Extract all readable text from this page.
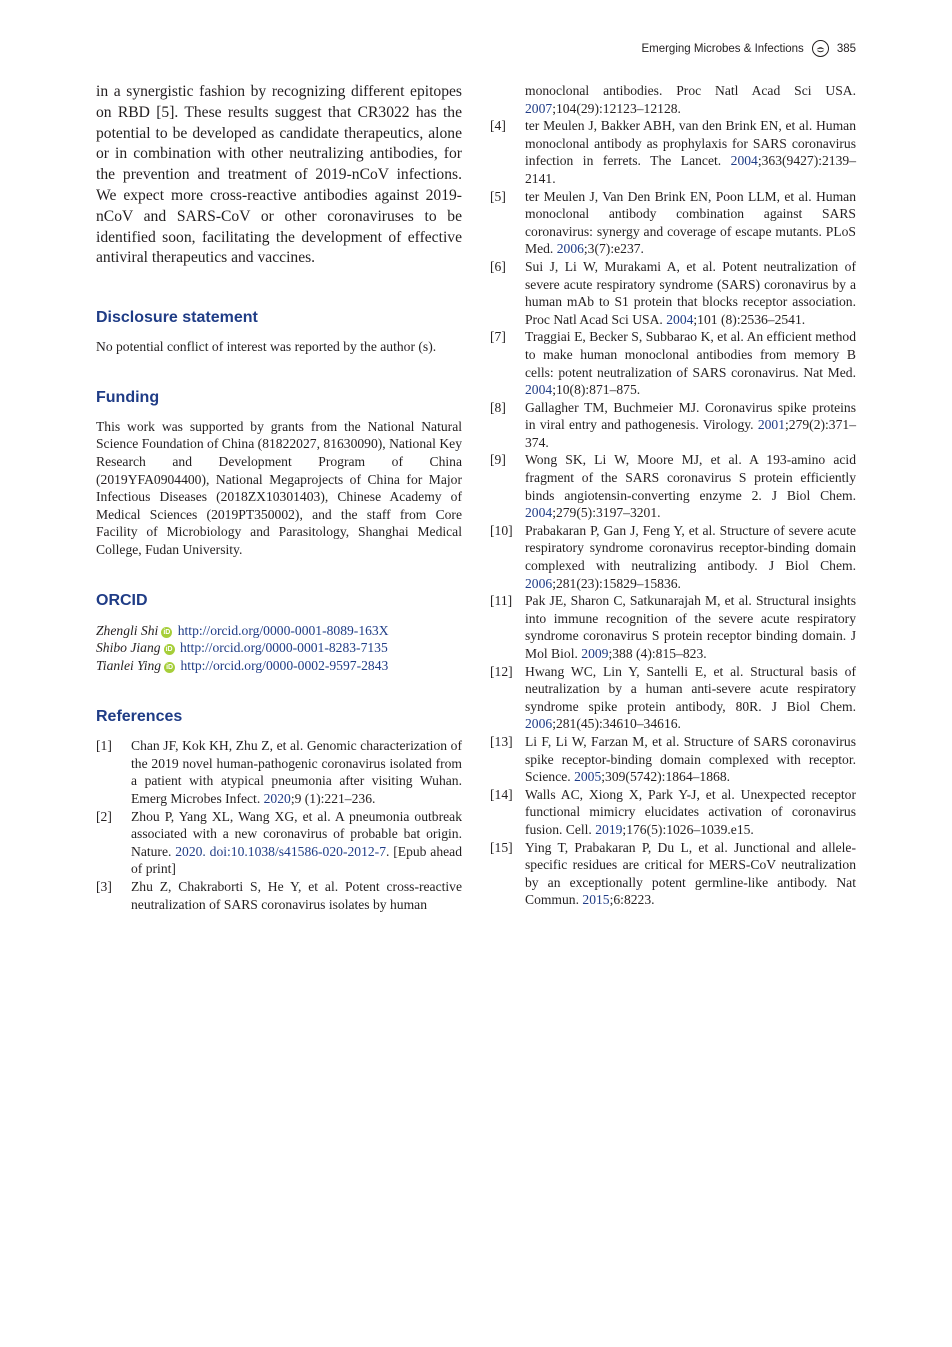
Emerging Microbes & Infections	385

in a synergistic fashion by recognizing different epitopes on RBD [5]. These results suggest that CR3022 has the potential to be developed as candidate therapeutics, alone or in combination with other neutralizing antibodies, for the prevention and treatment of 2019-nCoV infections. We expect more cross-reactive antibodies against 2019-nCoV and SARS-CoV or other coronaviruses to be identified soon, facilitating the development of effective antiviral therapeutics and vaccines.

Disclosure statement

No potential conflict of interest was reported by the author (s).

Funding

This work was supported by grants from the National Natural Science Foundation of China (81822027, 81630090), National Key Research and Development Program of China (2019YFA0904400), National Megaprojects of China for Major Infectious Diseases (2018ZX10301403), Chinese Academy of Medical Sciences (2019PT350002), and the staff from Core Facility of Microbiology and Parasitology, Shanghai Medical College, Fudan University.

ORCID
Zhengli Shi iD http://orcid.org/0000-0001-8089-163X
Shibo Jiang iD http://orcid.org/0000-0001-8283-7135
Tianlei Ying iD http://orcid.org/0000-0002-9597-2843
References
[1]	Chan JF, Kok KH, Zhu Z, et al. Genomic characterization of the 2019 novel human-pathogenic coronavirus isolated from a patient with atypical pneumonia after visiting Wuhan. Emerg Microbes Infect. 2020;9 (1):221–236.
[2]	Zhou P, Yang XL, Wang XG, et al. A pneumonia outbreak associated with a new coronavirus of probable bat origin. Nature. 2020. doi:10.1038/s41586-020-2012-7. [Epub ahead of print]
[3]	Zhu Z, Chakraborti S, He Y, et al. Potent cross-reactive neutralization of SARS coronavirus isolates by human
monoclonal antibodies. Proc Natl Acad Sci USA. 2007;104(29):12123–12128.
[4]	ter Meulen J, Bakker ABH, van den Brink EN, et al. Human monoclonal antibody as prophylaxis for SARS coronavirus infection in ferrets. The Lancet. 2004;363(9427):2139–2141.
[5]	ter Meulen J, Van Den Brink EN, Poon LLM, et al. Human monoclonal antibody combination against SARS coronavirus: synergy and coverage of escape mutants. PLoS Med. 2006;3(7):e237.
[6]	Sui J, Li W, Murakami A, et al. Potent neutralization of severe acute respiratory syndrome (SARS) coronavirus by a human mAb to S1 protein that blocks receptor association. Proc Natl Acad Sci USA. 2004;101 (8):2536–2541.
[7]	Traggiai E, Becker S, Subbarao K, et al. An efficient method to make human monoclonal antibodies from memory B cells: potent neutralization of SARS coronavirus. Nat Med. 2004;10(8):871–875.
[8]	Gallagher TM, Buchmeier MJ. Coronavirus spike proteins in viral entry and pathogenesis. Virology. 2001;279(2):371–374.
[9]	Wong SK, Li W, Moore MJ, et al. A 193-amino acid fragment of the SARS coronavirus S protein efficiently binds angiotensin-converting enzyme 2. J Biol Chem. 2004;279(5):3197–3201.
[10] Prabakaran P, Gan J, Feng Y, et al. Structure of severe acute respiratory syndrome coronavirus receptor-binding domain complexed with neutralizing antibody. J Biol Chem. 2006;281(23):15829–15836.
[11] Pak JE, Sharon C, Satkunarajah M, et al. Structural insights into immune recognition of the severe acute respiratory syndrome coronavirus S protein receptor binding domain. J Mol Biol. 2009;388 (4):815–823.
[12] Hwang WC, Lin Y, Santelli E, et al. Structural basis of neutralization by a human anti-severe acute respiratory syndrome spike protein antibody, 80R. J Biol Chem. 2006;281(45):34610–34616.
[13] Li F, Li W, Farzan M, et al. Structure of SARS coronavirus spike receptor-binding domain complexed with receptor. Science. 2005;309(5742):1864–1868.
[14] Walls AC, Xiong X, Park Y-J, et al. Unexpected receptor functional mimicry elucidates activation of coronavirus fusion. Cell. 2019;176(5):1026–1039.e15.
[15] Ying T, Prabakaran P, Du L, et al. Junctional and allele-specific residues are critical for MERS-CoV neutralization by an exceptionally potent germline-like antibody. Nat Commun. 2015;6:8223.
